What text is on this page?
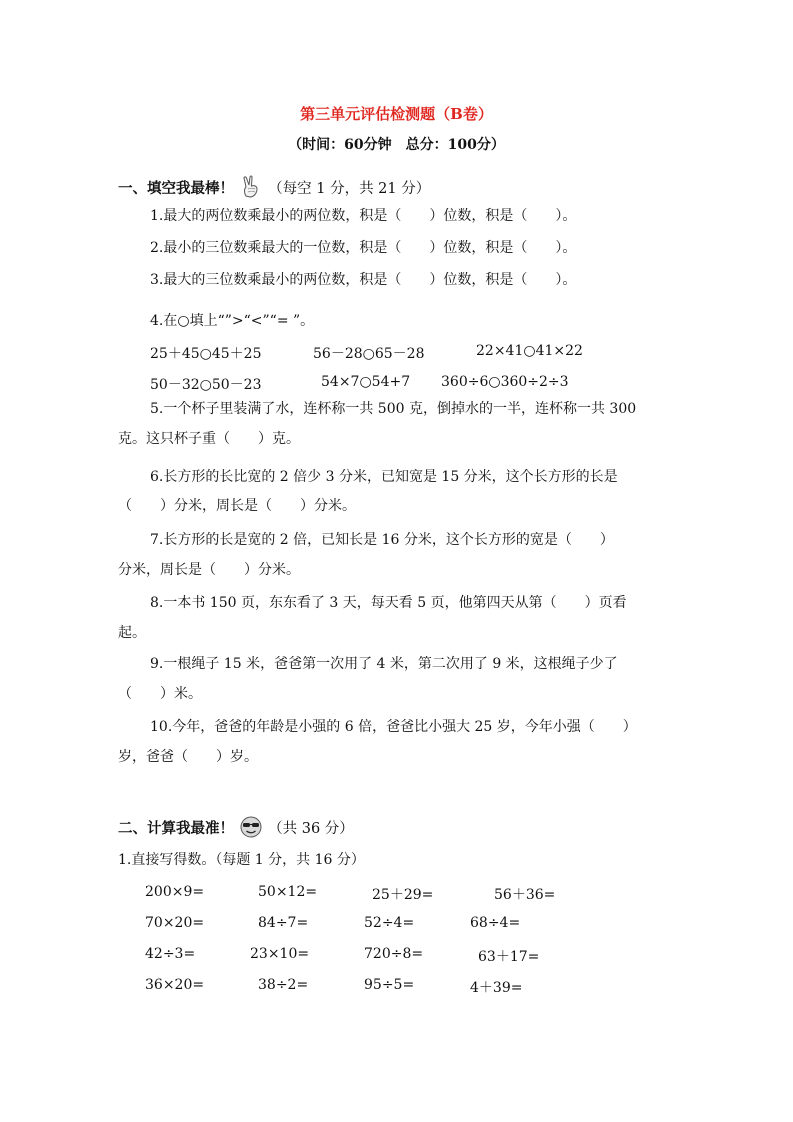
第三单元评估检测题（B卷）
（时间：60分钟　总分：100分）
一、填空我最棒！ （每空 1 分，共 21 分）
1.最大的两位数乘最小的两位数，积是（　　）位数，积是（　　）。
2.最小的三位数乘最大的一位数，积是（　　）位数，积是（　　）。
3.最大的三位数乘最小的两位数，积是（　　）位数，积是（　　）。
4.在○填上“”>“<”“= ”。
25＋45○45＋25	56－28○65－28	22×41○41×22
50－32○50－23	54×7○54+7 360÷6○360÷2÷3
5.一个杯子里装满了水，连杯称一共 500 克，倒掉水的一半，连杯称一共 300
克。这只杯子重（　　）克。
6.长方形的长比宽的 2 倍少 3 分米，已知宽是 15 分米，这个长方形的长是
（　　）分米，周长是（　　）分米。
7.长方形的长是宽的 2 倍，已知长是 16 分米，这个长方形的宽是（　　）
分米，周长是（　　）分米。
8.一本书 150 页，东东看了 3 天，每天看 5 页，他第四天从第（　　）页看
起。
9.一根绳子 15 米，爸爸第一次用了 4 米，第二次用了 9 米，这根绳子少了
（　　）米。
10.今年，爸爸的年龄是小强的 6 倍，爸爸比小强大 25 岁，今年小强（　　）
岁，爸爸（　　）岁。
二、计算我最准！ （共 36 分）
1.直接写得数。（每题 1 分，共 16 分）
200×9=	50×12=	25＋29=	56＋36=
70×20=	84÷7=	52÷4=	68÷4=
42÷3=	23×10=	720÷8=	63＋17=
36×20=	38÷2=	95÷5=	4＋39=
